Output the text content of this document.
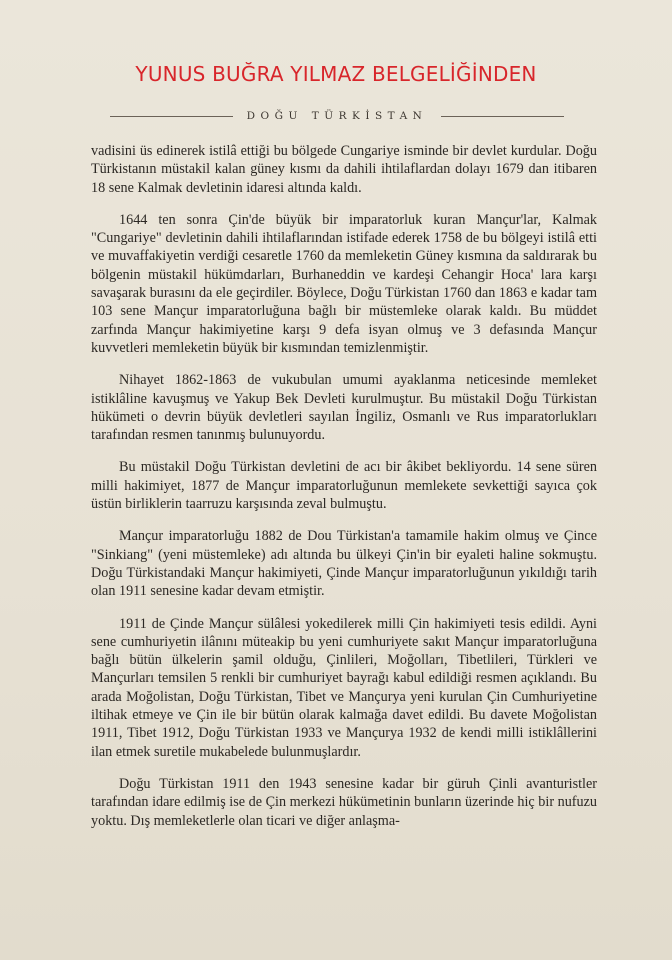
YUNUS BUĞRA YILMAZ BELGELİĞİNDEN
DOĞU TÜRKİSTAN

vadisini üs edinerek istilâ ettiği bu bölgede Cungariye isminde bir devlet kurdular. Doğu Türkistanın müstakil kalan güney kısmı da dahili ihtilaflardan dolayı 1679 dan itibaren 18 sene Kalmak devletinin idaresi altında kaldı.

1644 ten sonra Çin'de büyük bir imparatorluk kuran Mançur'lar, Kalmak "Cungariye" devletinin dahili ihtilaflarından istifade ederek 1758 de bu bölgeyi istilâ etti ve muvaffakiyetin verdiği cesaretle 1760 da memleketin Güney kısmına da saldırarak bu bölgenin müstakil hükümdarları, Burhaneddin ve kardeşi Cehangir Hoca' lara karşı savaşarak burasını da ele geçirdiler. Böylece, Doğu Türkistan 1760 dan 1863 e kadar tam 103 sene Mançur imparatorluğuna bağlı bir müstemleke olarak kaldı. Bu müddet zarfında Mançur hakimiyetine karşı 9 defa isyan olmuş ve 3 defasında Mançur kuvvetleri memleketin büyük bir kısmından temizlenmiştir.

Nihayet 1862-1863 de vukubulan umumi ayaklanma neticesinde memleket istiklâline kavuşmuş ve Yakup Bek Devleti kurulmuştur. Bu müstakil Doğu Türkistan hükümeti o devrin büyük devletleri sayılan İngiliz, Osmanlı ve Rus imparatorlukları tarafından resmen tanınmış bulunuyordu.

Bu müstakil Doğu Türkistan devletini de acı bir âkibet bekliyordu. 14 sene süren milli hakimiyet, 1877 de Mançur imparatorluğunun memlekete sevkettiği sayıca çok üstün birliklerin taarruzu karşısında zeval bulmuştu.

Mançur imparatorluğu 1882 de Dou Türkistan'a tamamile hakim olmuş ve Çince "Sinkiang" (yeni müstemleke) adı altında bu ülkeyi Çin'in bir eyaleti haline sokmuştu. Doğu Türkistandaki Mançur hakimiyeti, Çinde Mançur imparatorluğunun yıkıldığı tarih olan 1911 senesine kadar devam etmiştir.

1911 de Çinde Mançur sülâlesi yokedilerek milli Çin hakimiyeti tesis edildi. Ayni sene cumhuriyetin ilânını müteakip bu yeni cumhuriyete sakıt Mançur imparatorluğuna bağlı bütün ülkelerin şamil olduğu, Çinlileri, Moğolları, Tibetlileri, Türkleri ve Mançurları temsilen 5 renkli bir cumhuriyet bayrağı kabul edildiği resmen açıklandı. Bu arada Moğolistan, Doğu Türkistan, Tibet ve Mançurya yeni kurulan Çin Cumhuriyetine iltihak etmeye ve Çin ile bir bütün olarak kalmağa davet edildi. Bu davete Moğolistan 1911, Tibet 1912, Doğu Türkistan 1933 ve Mançurya 1932 de kendi milli istiklâllerini ilan etmek suretile mukabelede bulunmuşlardır.

Doğu Türkistan 1911 den 1943 senesine kadar bir güruh Çinli avanturistler tarafından idare edilmiş ise de Çin merkezi hükümetinin bunların üzerinde hiç bir nufuzu yoktu. Dış memleketlerle olan ticari ve diğer anlaşma-
